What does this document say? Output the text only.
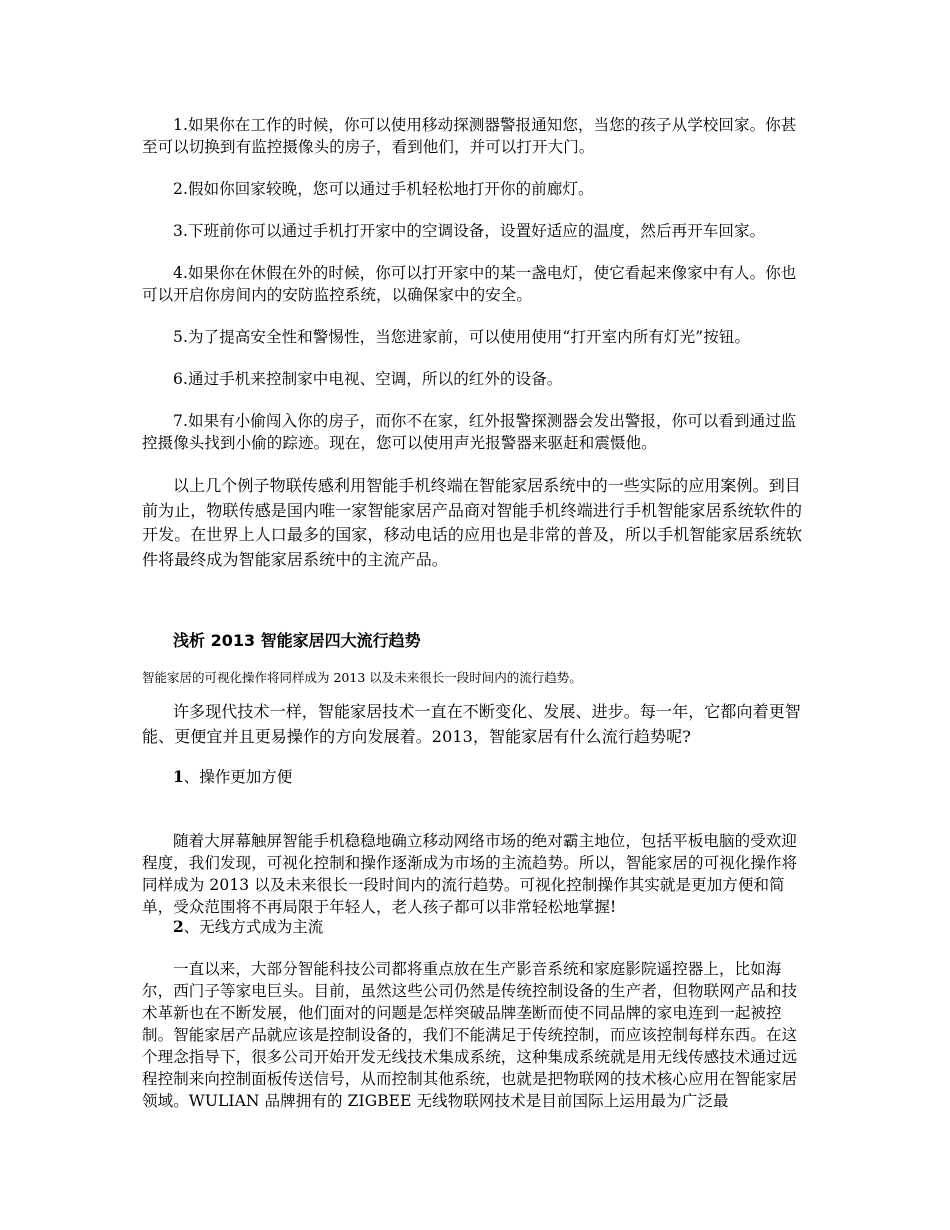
1.如果你在工作的时候，你可以使用移动探测器警报通知您，当您的孩子从学校回家。你甚至可以切换到有监控摄像头的房子，看到他们，并可以打开大门。

2.假如你回家较晚，您可以通过手机轻松地打开你的前廊灯。

3.下班前你可以通过手机打开家中的空调设备，设置好适应的温度，然后再开车回家。

4.如果你在休假在外的时候，你可以打开家中的某一盏电灯，使它看起来像家中有人。你也可以开启你房间内的安防监控系统，以确保家中的安全。

5.为了提高安全性和警惕性，当您进家前，可以使用使用“打开室内所有灯光”按钮。

6.通过手机来控制家中电视、空调，所以的红外的设备。

7.如果有小偷闯入你的房子，而你不在家，红外报警探测器会发出警报，你可以看到通过监控摄像头找到小偷的踪迹。现在，您可以使用声光报警器来驱赶和震慑他。

以上几个例子物联传感利用智能手机终端在智能家居系统中的一些实际的应用案例。到目前为止，物联传感是国内唯一家智能家居产品商对智能手机终端进行手机智能家居系统软件的开发。在世界上人口最多的国家，移动电话的应用也是非常的普及，所以手机智能家居系统软件将最终成为智能家居系统中的主流产品。

浅析 2013 智能家居四大流行趋势

智能家居的可视化操作将同样成为 2013 以及未来很长一段时间内的流行趋势。

许多现代技术一样，智能家居技术一直在不断变化、发展、进步。每一年，它都向着更智能、更便宜并且更易操作的方向发展着。2013，智能家居有什么流行趋势呢?

1、操作更加方便

随着大屏幕触屏智能手机稳稳地确立移动网络市场的绝对霸主地位，包括平板电脑的受欢迎程度，我们发现，可视化控制和操作逐渐成为市场的主流趋势。所以，智能家居的可视化操作将同样成为 2013 以及未来很长一段时间内的流行趋势。可视化控制操作其实就是更加方便和简单，受众范围将不再局限于年轻人，老人孩子都可以非常轻松地掌握!

2、无线方式成为主流

一直以来，大部分智能科技公司都将重点放在生产影音系统和家庭影院遥控器上，比如海尔，西门子等家电巨头。目前，虽然这些公司仍然是传统控制设备的生产者，但物联网产品和技术革新也在不断发展，他们面对的问题是怎样突破品牌垄断而使不同品牌的家电连到一起被控制。智能家居产品就应该是控制设备的，我们不能满足于传统控制，而应该控制每样东西。在这个理念指导下，很多公司开始开发无线技术集成系统，这种集成系统就是用无线传感技术通过远程控制来向控制面板传送信号，从而控制其他系统，也就是把物联网的技术核心应用在智能家居领域。WULIAN 品牌拥有的 ZIGBEE 无线物联网技术是目前国际上运用最为广泛最
